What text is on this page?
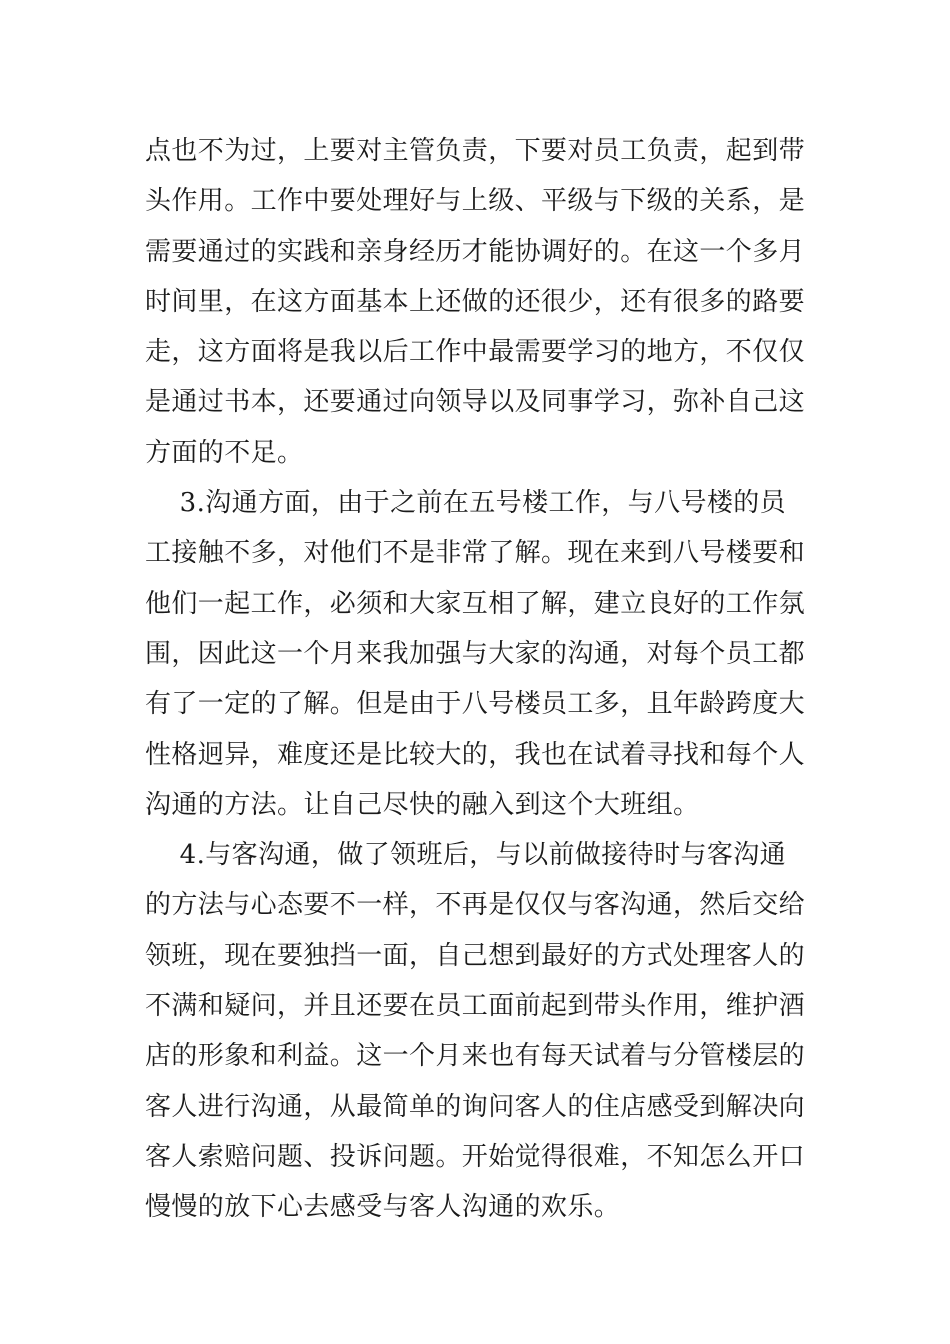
点也不为过，上要对主管负责，下要对员工负责，起到带
头作用。工作中要处理好与上级、平级与下级的关系，是
需要通过的实践和亲身经历才能协调好的。在这一个多月
时间里，在这方面基本上还做的还很少，还有很多的路要
走，这方面将是我以后工作中最需要学习的地方，不仅仅
是通过书本，还要通过向领导以及同事学习，弥补自己这
方面的不足。
3.沟通方面，由于之前在五号楼工作，与八号楼的员
工接触不多，对他们不是非常了解。现在来到八号楼要和
他们一起工作，必须和大家互相了解，建立良好的工作氛
围，因此这一个月来我加强与大家的沟通，对每个员工都
有了一定的了解。但是由于八号楼员工多，且年龄跨度大
性格迥异，难度还是比较大的，我也在试着寻找和每个人
沟通的方法。让自己尽快的融入到这个大班组。
4.与客沟通，做了领班后，与以前做接待时与客沟通
的方法与心态要不一样，不再是仅仅与客沟通，然后交给
领班，现在要独挡一面，自己想到最好的方式处理客人的
不满和疑问，并且还要在员工面前起到带头作用，维护酒
店的形象和利益。这一个月来也有每天试着与分管楼层的
客人进行沟通，从最简单的询问客人的住店感受到解决向
客人索赔问题、投诉问题。开始觉得很难，不知怎么开口
慢慢的放下心去感受与客人沟通的欢乐。
